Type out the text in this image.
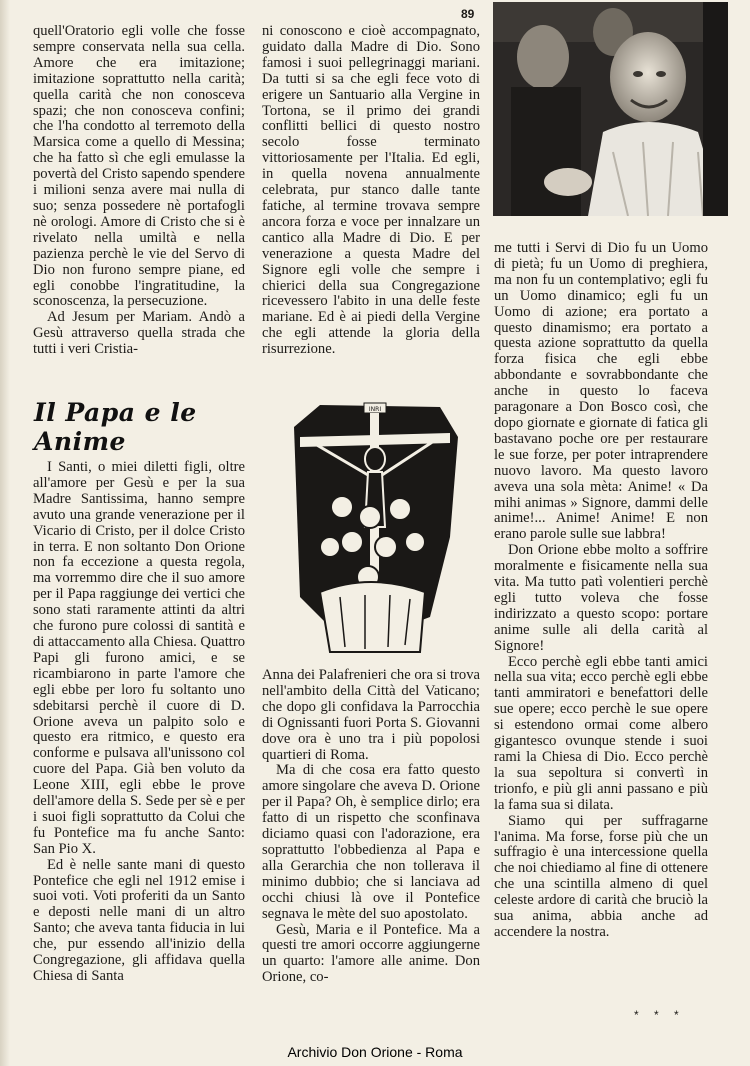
89

quell'Oratorio egli volle che fosse sempre conservata nella sua cella. Amore che era imitazione; imitazione soprattutto nella carità; quella carità che non conosceva spazi; che non conosceva confini; che l'ha condotto al terremoto della Marsica come a quello di Messina; che ha fatto sì che egli emulasse la povertà del Cristo sapendo spendere i milioni senza avere mai nulla di suo; senza possedere nè portafogli nè orologi. Amore di Cristo che si è rivelato nella umiltà e nella pazienza perchè le vie del Servo di Dio non furono sempre piane, ed egli conobbe l'ingratitudine, la sconoscenza, la persecuzione.

Ad Jesum per Mariam. Andò a Gesù attraverso quella strada che tutti i veri Cristia-

Il Papa e le Anime

I Santi, o miei diletti figli, oltre all'amore per Gesù e per la sua Madre Santissima, hanno sempre avuto una grande venerazione per il Vicario di Cristo, per il dolce Cristo in terra. E non soltanto Don Orione non fa eccezione a questa regola, ma vorremmo dire che il suo amore per il Papa raggiunge dei vertici che sono stati raramente attinti da altri che furono pure colossi di santità e di attaccamento alla Chiesa. Quattro Papi gli furono amici, e se ricambiarono in parte l'amore che egli ebbe per loro fu soltanto uno sdebitarsi perchè il cuore di D. Orione aveva un palpito solo e questo era ritmico, e questo era conforme e pulsava all'unissono col cuore del Papa. Già ben voluto da Leone XIII, egli ebbe le prove dell'amore della S. Sede per sè e per i suoi figli soprattutto da Colui che fu Pontefice ma fu anche Santo: San Pio X.

Ed è nelle sante mani di questo Pontefice che egli nel 1912 emise i suoi voti. Voti proferiti da un Santo e deposti nelle mani di un altro Santo; che aveva tanta fiducia in lui che, pur essendo all'inizio della Congregazione, gli affidava quella Chiesa di Santa

ni conoscono e cioè accompagnato, guidato dalla Madre di Dio. Sono famosi i suoi pellegrinaggi mariani. Da tutti si sa che egli fece voto di erigere un Santuario alla Vergine in Tortona, se il primo dei grandi conflitti bellici di questo nostro secolo fosse terminato vittoriosamente per l'Italia. Ed egli, in quella novena annualmente celebrata, pur stanco dalle tante fatiche, al termine trovava sempre ancora forza e voce per innalzare un cantico alla Madre di Dio. E per venerazione a questa Madre del Signore egli volle che sempre i chierici della sua Congregazione ricevessero l'abito in una delle feste mariane. Ed è ai piedi della Vergine che egli attende la gloria della risurrezione.

INRI

Anna dei Palafrenieri che ora si trova nell'ambito della Città del Vaticano; che dopo gli confidava la Parrocchia di Ognissanti fuori Porta S. Giovanni dove ora è uno tra i più popolosi quartieri di Roma.

Ma di che cosa era fatto questo amore singolare che aveva D. Orione per il Papa? Oh, è semplice dirlo; era fatto di un rispetto che sconfinava diciamo quasi con l'adorazione, era soprattutto l'obbedienza al Papa e alla Gerarchia che non tollerava il minimo dubbio; che si lanciava ad occhi chiusi là ove il Pontefice segnava le mète del suo apostolato.

Gesù, Maria e il Pontefice. Ma a questi tre amori occorre aggiungerne un quarto: l'amore alle anime. Don Orione, co-

me tutti i Servi di Dio fu un Uomo di pietà; fu un Uomo di preghiera, ma non fu un contemplativo; egli fu un Uomo dinamico; egli fu un Uomo di azione; era portato a questo dinamismo; era portato a questa azione soprattutto da quella forza fisica che egli ebbe abbondante e sovrabbondante che anche in questo lo faceva paragonare a Don Bosco così, che dopo giornate e giornate di fatica gli bastavano poche ore per restaurare le sue forze, per poter intraprendere nuovo lavoro. Ma questo lavoro aveva una sola mèta: Anime! « Da mihi animas » Signore, dammi delle anime!... Anime! Anime! E non erano parole sulle sue labbra!

Don Orione ebbe molto a soffrire moralmente e fisicamente nella sua vita. Ma tutto patì volentieri perchè egli tutto voleva che fosse indirizzato a questo scopo: portare anime sulle ali della carità al Signore!

Ecco perchè egli ebbe tanti amici nella sua vita; ecco perchè egli ebbe tanti ammiratori e benefattori delle sue opere; ecco perchè le sue opere si estendono ormai come albero gigantesco ovunque stende i suoi rami la Chiesa di Dio. Ecco perchè la sua sepoltura si convertì in trionfo, e più gli anni passano e più la fama sua si dilata.

Siamo qui per suffragarne l'anima. Ma forse, forse più che un suffragio è una intercessione quella che noi chiediamo al fine di ottenere che una scintilla almeno di quel celeste ardore di carità che bruciò la sua anima, abbia anche ad accendere la nostra.

* * *
Archivio Don Orione - Roma
